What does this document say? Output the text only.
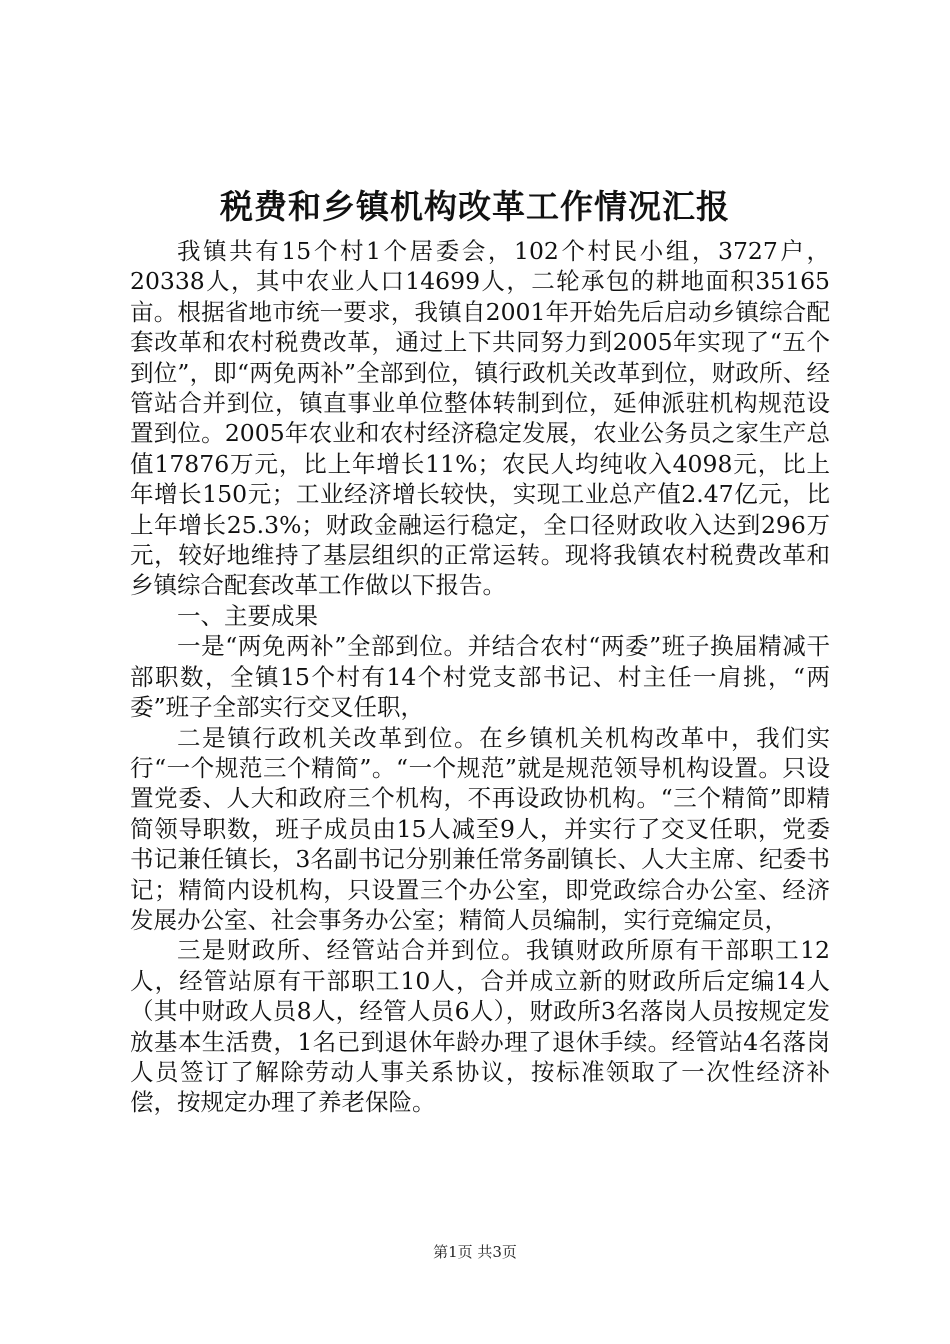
税费和乡镇机构改革工作情况汇报

我镇共有15个村1个居委会，102个村民小组，3727户，20338人，其中农业人口14699人，二轮承包的耕地面积35165亩。根据省地市统一要求，我镇自2001年开始先后启动乡镇综合配套改革和农村税费改革，通过上下共同努力到2005年实现了“五个到位”，即“两免两补”全部到位，镇行政机关改革到位，财政所、经管站合并到位，镇直事业单位整体转制到位，延伸派驻机构规范设置到位。2005年农业和农村经济稳定发展，农业公务员之家生产总值17876万元，比上年增长11%；农民人均纯收入4098元，比上年增长150元；工业经济增长较快，实现工业总产值2.47亿元，比上年增长25.3%；财政金融运行稳定，全口径财政收入达到296万元，较好地维持了基层组织的正常运转。现将我镇农村税费改革和乡镇综合配套改革工作做以下报告。

一、主要成果

一是“两免两补”全部到位。并结合农村“两委”班子换届精减干部职数，全镇15个村有14个村党支部书记、村主任一肩挑，“两委”班子全部实行交叉任职，

二是镇行政机关改革到位。在乡镇机关机构改革中，我们实行“一个规范三个精简”。“一个规范”就是规范领导机构设置。只设置党委、人大和政府三个机构，不再设政协机构。“三个精简”即精简领导职数，班子成员由15人减至9人，并实行了交叉任职，党委书记兼任镇长，3名副书记分别兼任常务副镇长、人大主席、纪委书记；精简内设机构，只设置三个办公室，即党政综合办公室、经济发展办公室、社会事务办公室；精简人员编制，实行竞编定员，

三是财政所、经管站合并到位。我镇财政所原有干部职工12人，经管站原有干部职工10人，合并成立新的财政所后定编14人（其中财政人员8人，经管人员6人），财政所3名落岗人员按规定发放基本生活费，1名已到退休年龄办理了退休手续。经管站4名落岗人员签订了解除劳动人事关系协议，按标准领取了一次性经济补偿，按规定办理了养老保险。

第1页 共3页
